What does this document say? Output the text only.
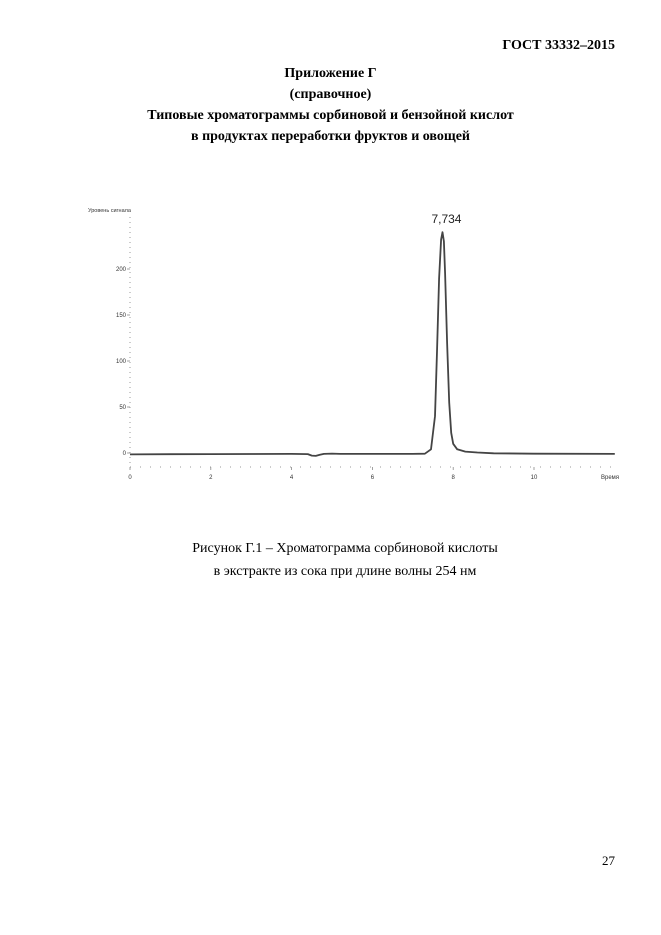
ГОСТ 33332–2015
Приложение Г
(справочное)
Типовые хроматограммы сорбиновой и бензойной кислот
в продуктах переработки фруктов и овощей
Уровень сигнала
Время
0
50
100
150
200
0	2	4	6	8	10
7,734
Рисунок Г.1 – Хроматограмма сорбиновой кислоты
в экстракте из сока при длине волны 254 нм
27
